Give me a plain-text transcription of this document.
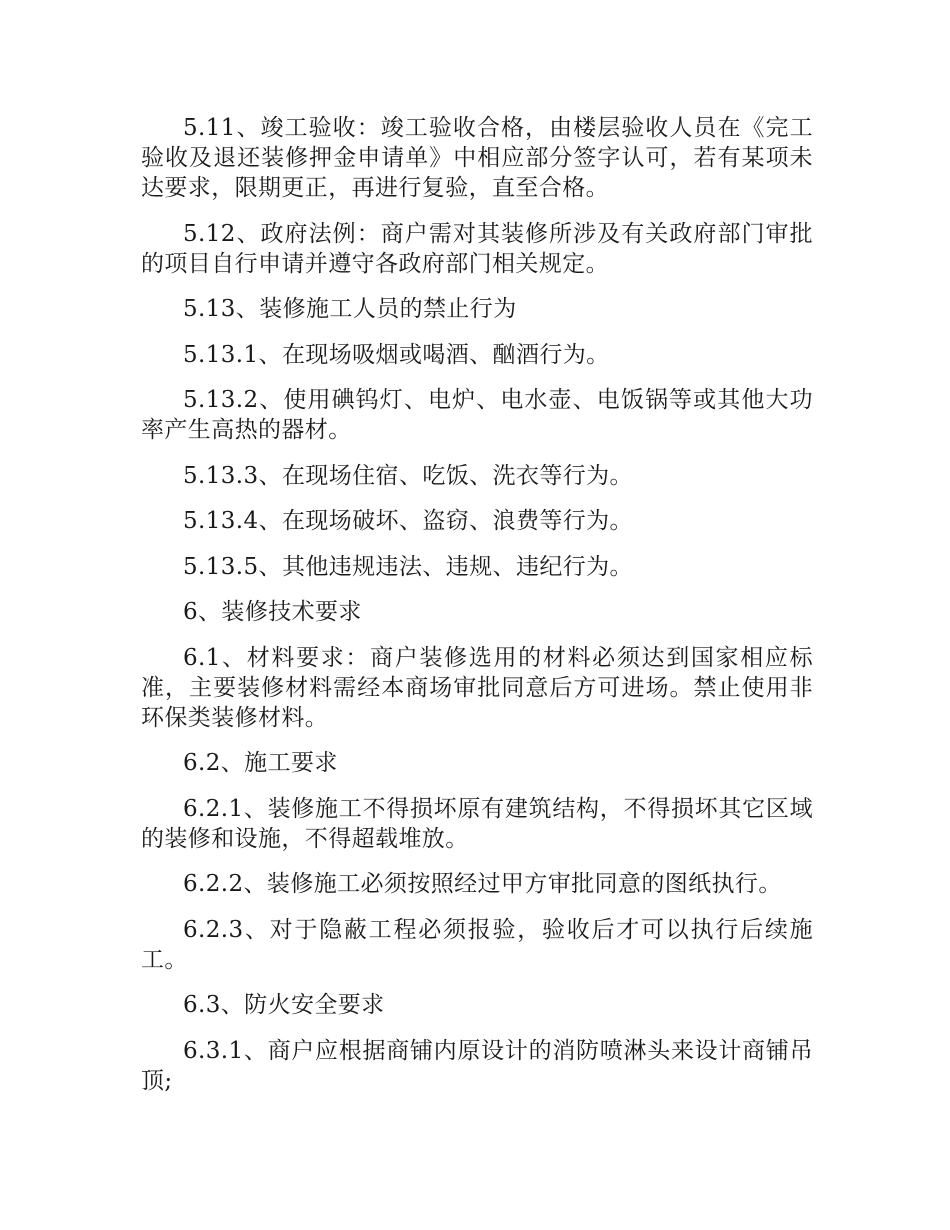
5.11、竣工验收：竣工验收合格，由楼层验收人员在《完工验收及退还装修押金申请单》中相应部分签字认可，若有某项未达要求，限期更正，再进行复验，直至合格。

5.12、政府法例：商户需对其装修所涉及有关政府部门审批的项目自行申请并遵守各政府部门相关规定。

5.13、装修施工人员的禁止行为

5.13.1、在现场吸烟或喝酒、酗酒行为。

5.13.2、使用碘钨灯、电炉、电水壶、电饭锅等或其他大功率产生高热的器材。

5.13.3、在现场住宿、吃饭、洗衣等行为。

5.13.4、在现场破坏、盗窃、浪费等行为。

5.13.5、其他违规违法、违规、违纪行为。

6、装修技术要求

6.1、材料要求：商户装修选用的材料必须达到国家相应标准，主要装修材料需经本商场审批同意后方可进场。禁止使用非环保类装修材料。

6.2、施工要求

6.2.1、装修施工不得损坏原有建筑结构，不得损坏其它区域的装修和设施，不得超载堆放。

6.2.2、装修施工必须按照经过甲方审批同意的图纸执行。

6.2.3、对于隐蔽工程必须报验，验收后才可以执行后续施工。

6.3、防火安全要求

6.3.1、商户应根据商铺内原设计的消防喷淋头来设计商铺吊顶;
